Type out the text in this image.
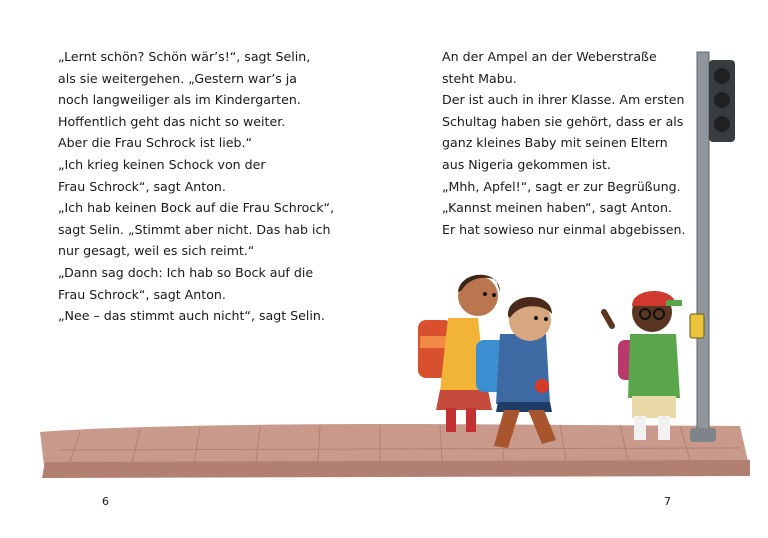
„Lernt schön? Schön wär’s!“, sagt Selin,
als sie weitergehen. „Gestern war’s ja
noch langweiliger als im Kindergarten.
Hoffentlich geht das nicht so weiter.
Aber die Frau Schrock ist lieb.“
„Ich krieg keinen Schock von der
Frau Schrock“, sagt Anton.
„Ich hab keinen Bock auf die Frau Schrock“,
sagt Selin. „Stimmt aber nicht. Das hab ich
nur gesagt, weil es sich reimt.“
„Dann sag doch: Ich hab so Bock auf die
Frau Schrock“, sagt Anton.
„Nee – das stimmt auch nicht“, sagt Selin.
6
An der Ampel an der Weberstraße
steht Mabu.
Der ist auch in ihrer Klasse. Am ersten
Schultag haben sie gehört, dass er als
ganz kleines Baby mit seinen Eltern
aus Nigeria gekommen ist.
„Mhh, Apfel!“, sagt er zur Begrüßung.
„Kannst meinen haben“, sagt Anton.
Er hat sowieso nur einmal abgebissen.
7
